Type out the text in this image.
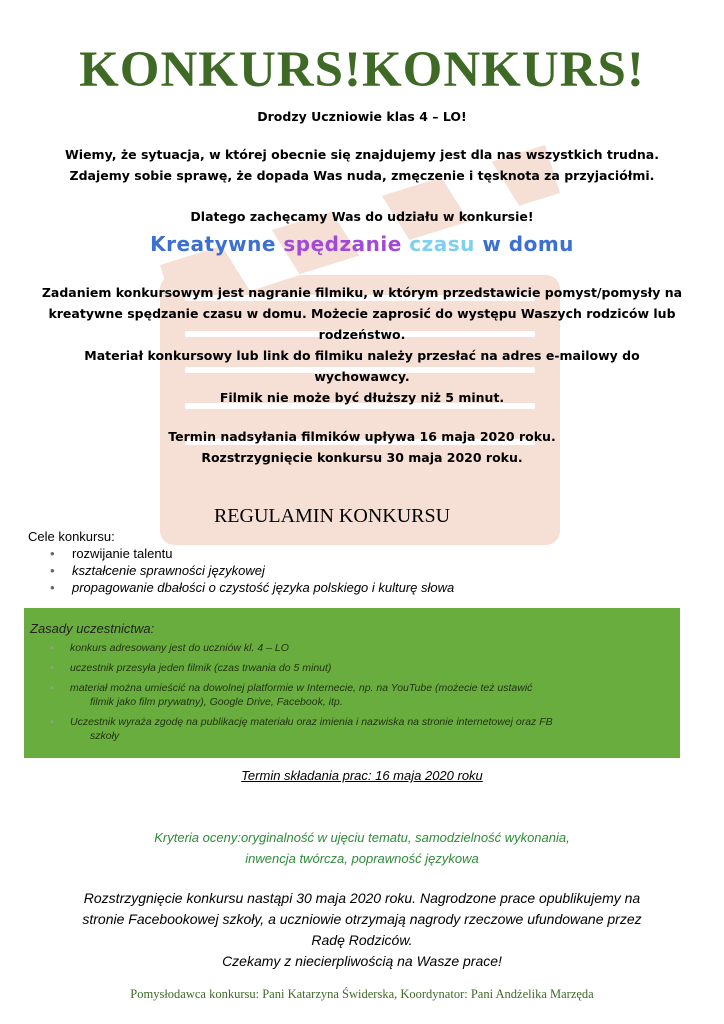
KONKURS!KONKURS!
Drodzy Uczniowie klas 4 – LO!
Wiemy, że sytuacja, w której obecnie się znajdujemy jest dla nas wszystkich trudna.
Zdajemy sobie sprawę, że dopada Was nuda, zmęczenie i tęsknota za przyjaciółmi.
Dlatego zachęcamy Was do udziału w konkursie!
Kreatywne spędzanie czasu w domu
Zadaniem konkursowym jest nagranie filmiku, w którym przedstawicie pomyst/pomysły na
kreatywne spędzanie czasu w domu. Możecie zaprosić do występu Waszych rodziców lub
rodzeństwo.
Materiał konkursowy lub link do filmiku należy przesłać na adres e-mailowy do
wychowawcy.
Filmik nie może być dłuższy niż 5 minut.
Termin nadsyłania filmików upływa 16 maja 2020 roku.
Rozstrzygnięcie konkursu 30 maja 2020 roku.
REGULAMIN KONKURSU
Cele konkursu:
• rozwijanie talentu
• kształcenie sprawności językowej
• propagowanie dbałości o czystość języka polskiego i kulturę słowa
Zasady uczestnictwa:
• konkurs adresowany jest do uczniów kl. 4 – LO
• uczestnik przesyła jeden filmik (czas trwania do 5 minut)
• materiał można umieścić na dowolnej platformie w Internecie, np. na YouTube (możecie też ustawić
filmik jako film prywatny), Google Drive, Facebook, itp.
• Uczestnik wyraża zgodę na publikację materiału oraz imienia i nazwiska na stronie internetowej oraz FB
szkoły
Termin składania prac: 16 maja 2020 roku
Kryteria oceny:oryginalność w ujęciu tematu, samodzielność wykonania,
inwencja twórcza, poprawność językowa
Rozstrzygnięcie konkursu nastąpi 30 maja 2020 roku. Nagrodzone prace opublikujemy na
stronie Facebookowej szkoły, a uczniowie otrzymają nagrody rzeczowe ufundowane przez
Radę Rodziców.
Czekamy z niecierpliwością na Wasze prace!
Pomysłodawca konkursu: Pani Katarzyna Świderska, Koordynator: Pani Andżelika Marzęda
